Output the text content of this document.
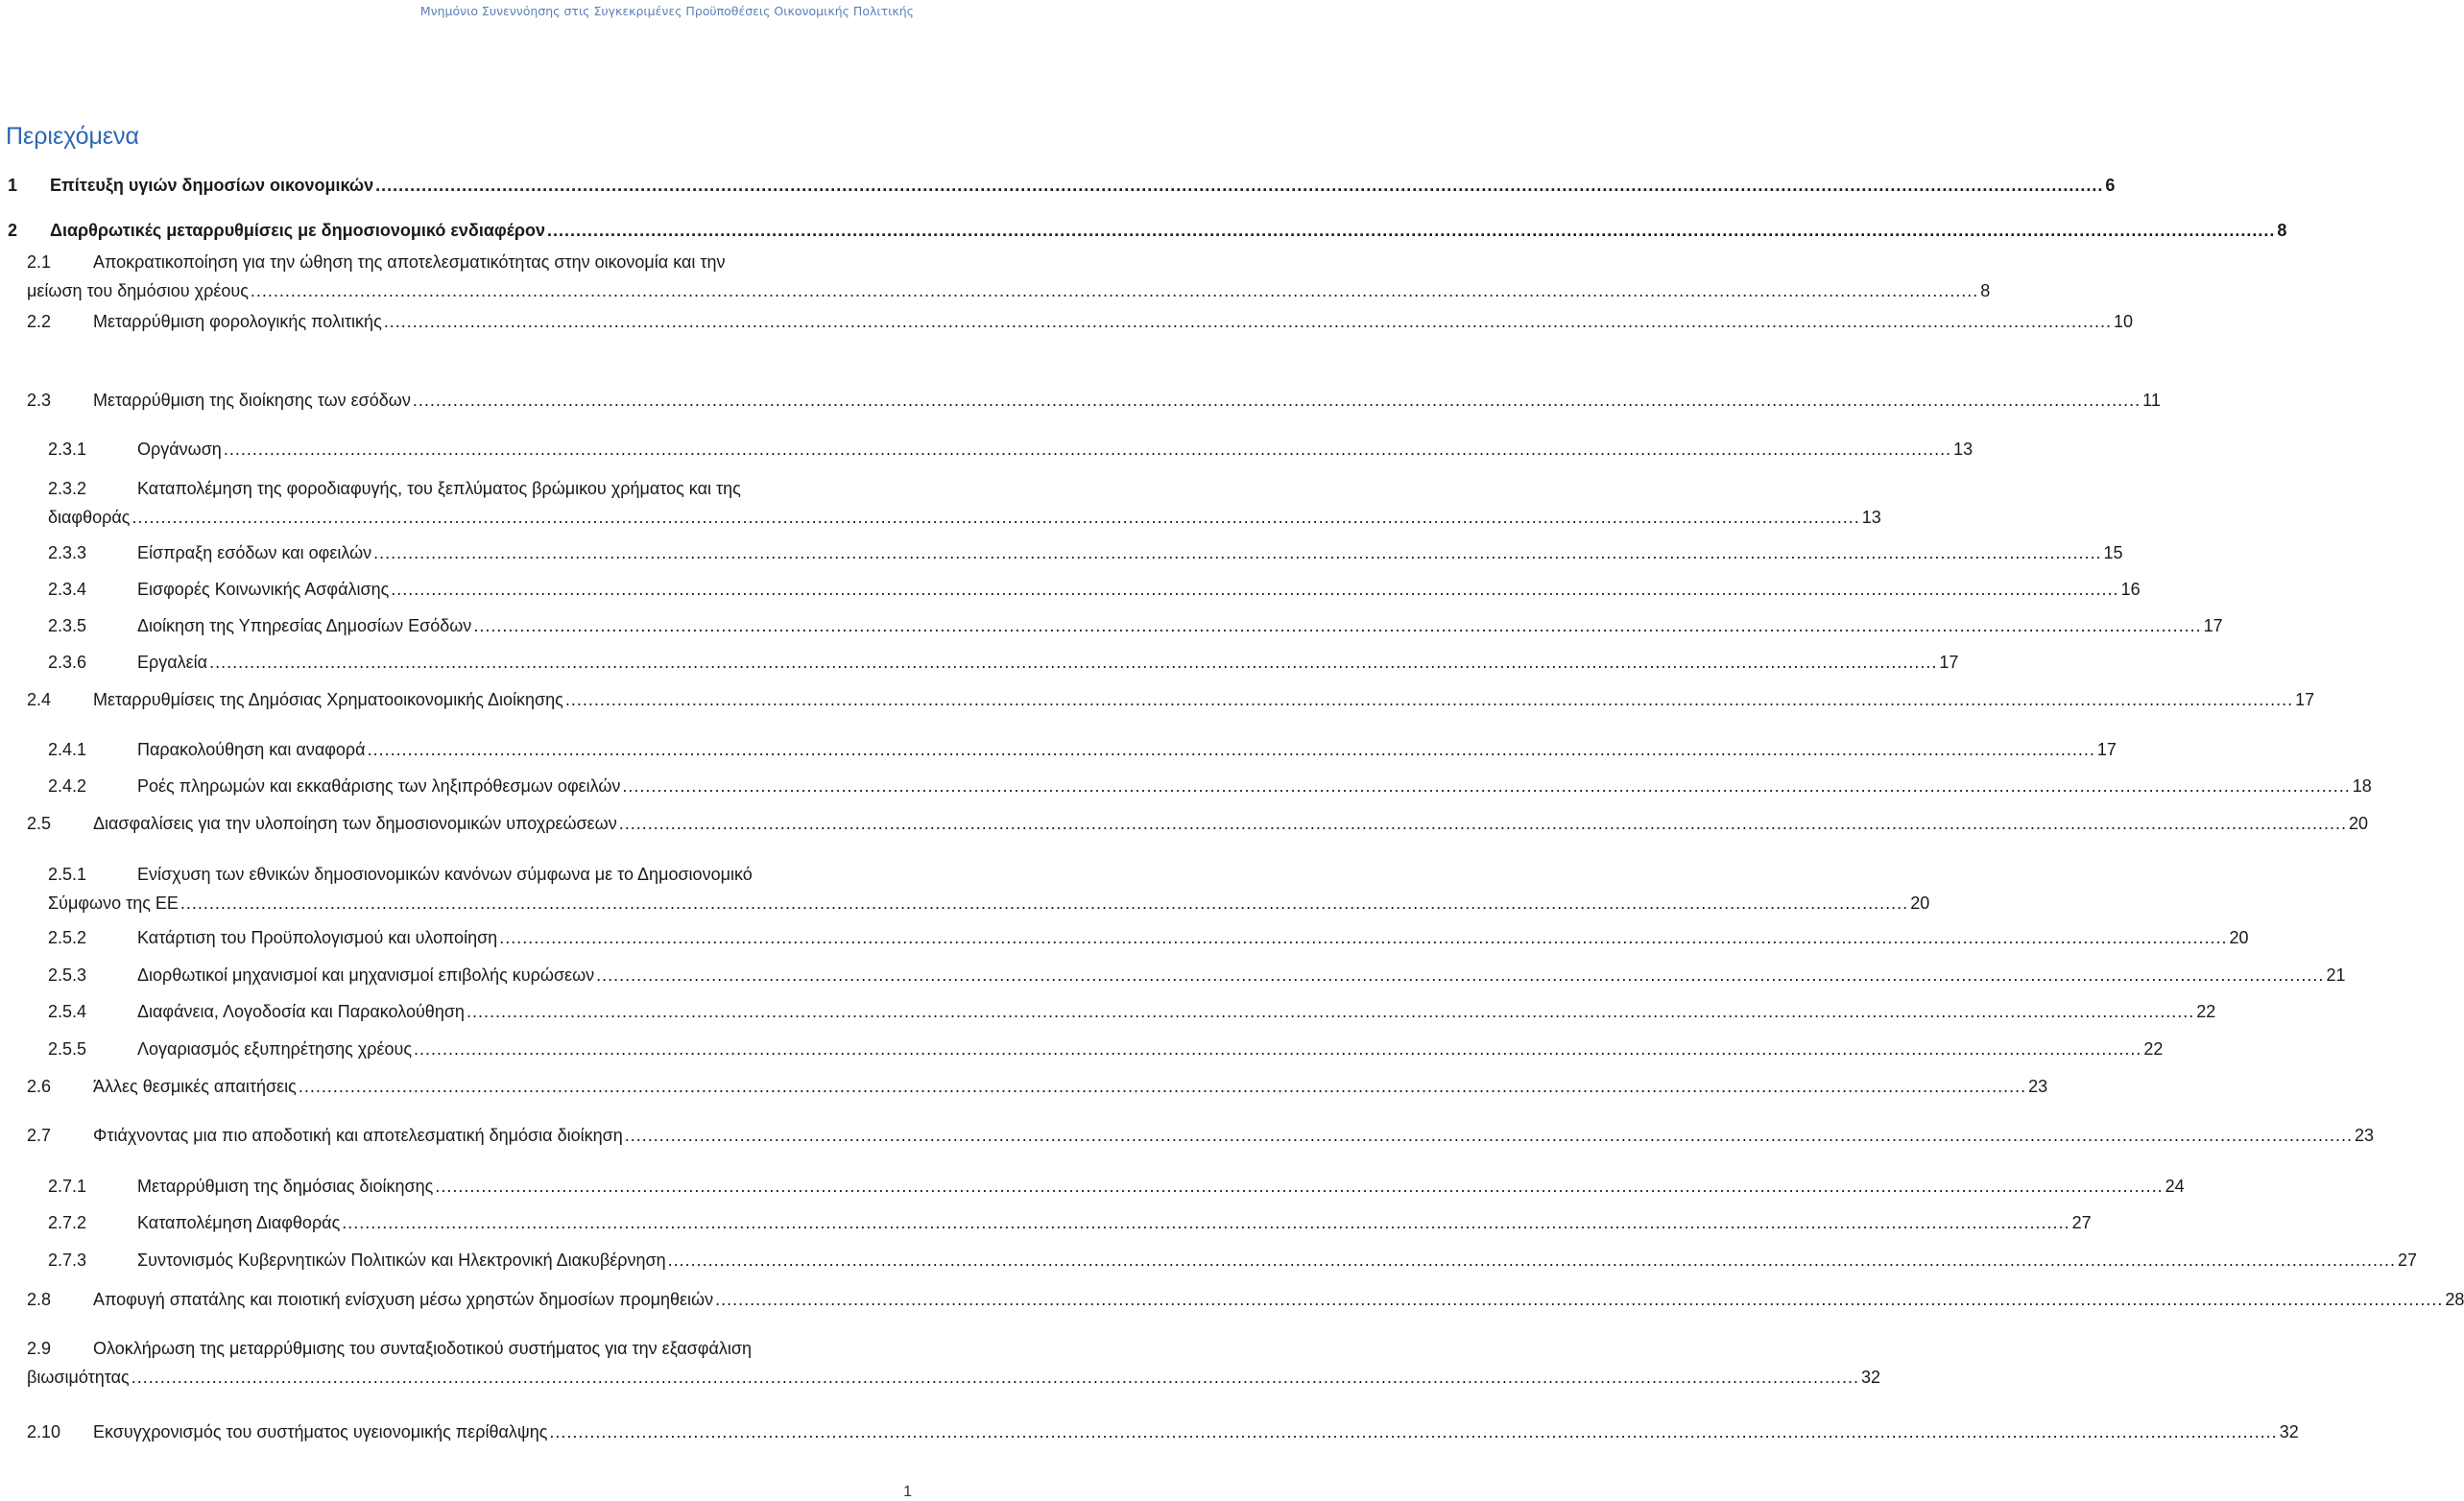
Μνημόνιο Συνεννόησης στις Συγκεκριμένες Προϋποθέσεις Οικονομικής Πολιτικής
Περιεχόμενα
1 Επίτευξη υγιών δημοσίων οικονομικών ............................................................................................................................................................................................................................................................................................................ 6
2 Διαρθρωτικές μεταρρυθμίσεις με δημοσιονομικό ενδιαφέρον ............................................................................................................................................................................................................................................................................................................ 8
2.1 Αποκρατικοποίηση για την ώθηση της αποτελεσματικότητας στην οικονομία και την
μείωση του δημόσιου χρέους ............................................................................................................................................................................................................................................................................................................ 8
2.2 Μεταρρύθμιση φορολογικής πολιτικής ............................................................................................................................................................................................................................................................................................................ 10
2.3 Μεταρρύθμιση της διοίκησης των εσόδων ............................................................................................................................................................................................................................................................................................................ 11
2.3.1	Οργάνωση ............................................................................................................................................................................................................................................................................................................ 13
2.3.2	Καταπολέμηση της φοροδιαφυγής, του ξεπλύματος βρώμικου χρήματος και της
διαφθοράς ............................................................................................................................................................................................................................................................................................................ 13
2.3.3	Είσπραξη εσόδων και οφειλών ............................................................................................................................................................................................................................................................................................................ 15
2.3.4	Εισφορές Κοινωνικής Ασφάλισης ............................................................................................................................................................................................................................................................................................................ 16
2.3.5	Διοίκηση της Υπηρεσίας Δημοσίων Εσόδων ............................................................................................................................................................................................................................................................................................................ 17
2.3.6	Εργαλεία ............................................................................................................................................................................................................................................................................................................ 17
2.4 Μεταρρυθμίσεις της Δημόσιας Χρηματοοικονομικής Διοίκησης ............................................................................................................................................................................................................................................................................................................ 17
2.4.1	Παρακολούθηση και αναφορά ............................................................................................................................................................................................................................................................................................................ 17
2.4.2	Ροές πληρωμών και εκκαθάρισης των ληξιπρόθεσμων οφειλών ............................................................................................................................................................................................................................................................................................................ 18
2.5 Διασφαλίσεις για την υλοποίηση των δημοσιονομικών υποχρεώσεων ............................................................................................................................................................................................................................................................................................................ 20
2.5.1	Ενίσχυση των εθνικών δημοσιονομικών κανόνων σύμφωνα με το Δημοσιονομικό
Σύμφωνο της ΕΕ ............................................................................................................................................................................................................................................................................................................ 20
2.5.2	Κατάρτιση του Προϋπολογισμού και υλοποίηση ............................................................................................................................................................................................................................................................................................................ 20
2.5.3	Διορθωτικοί μηχανισμοί και μηχανισμοί επιβολής κυρώσεων ............................................................................................................................................................................................................................................................................................................ 21
2.5.4	Διαφάνεια, Λογοδοσία και Παρακολούθηση ............................................................................................................................................................................................................................................................................................................ 22
2.5.5	Λογαριασμός εξυπηρέτησης χρέους ............................................................................................................................................................................................................................................................................................................ 22
2.6 Άλλες θεσμικές απαιτήσεις ............................................................................................................................................................................................................................................................................................................ 23
2.7 Φτιάχνοντας μια πιο αποδοτική και αποτελεσματική δημόσια διοίκηση ............................................................................................................................................................................................................................................................................................................ 23
2.7.1	Μεταρρύθμιση της δημόσιας διοίκησης ............................................................................................................................................................................................................................................................................................................ 24
2.7.2	Καταπολέμηση Διαφθοράς ............................................................................................................................................................................................................................................................................................................ 27
2.7.3	Συντονισμός Κυβερνητικών Πολιτικών και Ηλεκτρονική Διακυβέρνηση ............................................................................................................................................................................................................................................................................................................ 27
2.8 Αποφυγή σπατάλης και ποιοτική ενίσχυση μέσω χρηστών δημοσίων προμηθειών ............................................................................................................................................................................................................................................................................................................ 28
2.9 Ολοκλήρωση της μεταρρύθμισης του συνταξιοδοτικού συστήματος για την εξασφάλιση
βιωσιμότητας ............................................................................................................................................................................................................................................................................................................ 32
2.10 Εκσυγχρονισμός του συστήματος υγειονομικής περίθαλψης ............................................................................................................................................................................................................................................................................................................ 32
1
